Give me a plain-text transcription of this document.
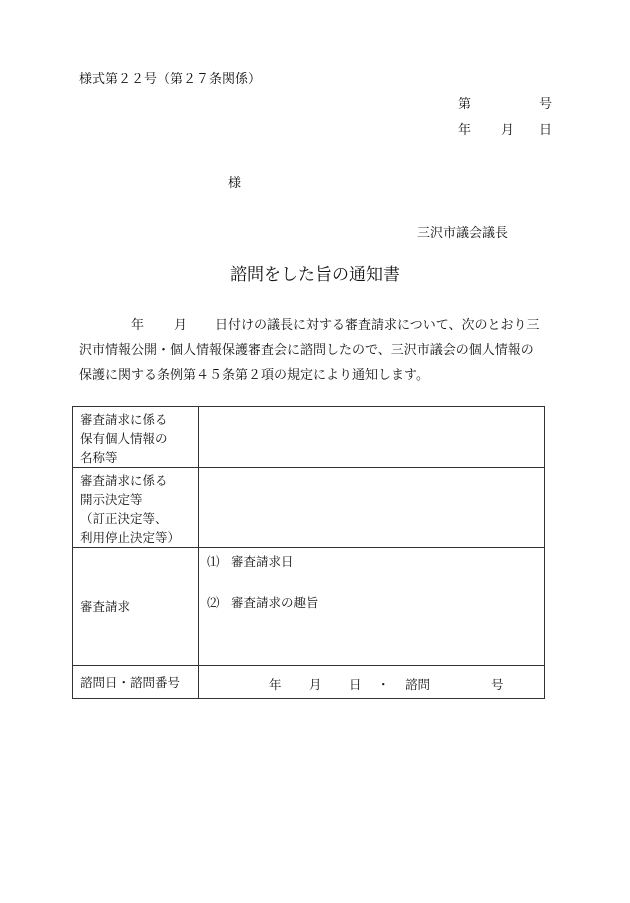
様式第２２号（第２７条関係）
第	号
年 月 日
様
三沢市議会議長
諮問をした旨の通知書
年 月 日付けの議長に対する審査請求について、次のとおり三
沢市情報公開・個人情報保護審査会に諮問したので、三沢市議会の個人情報の
保護に関する条例第４５条第２項の規定により通知します。
審査請求に係る
保有個人情報の
名称等	

審査請求に係る
開示決定等
（訂正決定等、
利用停止決定等）	

審査請求	⑴ 審査請求日
⑵ 審査請求の趣旨

諮問日・諮問番号	年 月 日 ・ 諮問 号
